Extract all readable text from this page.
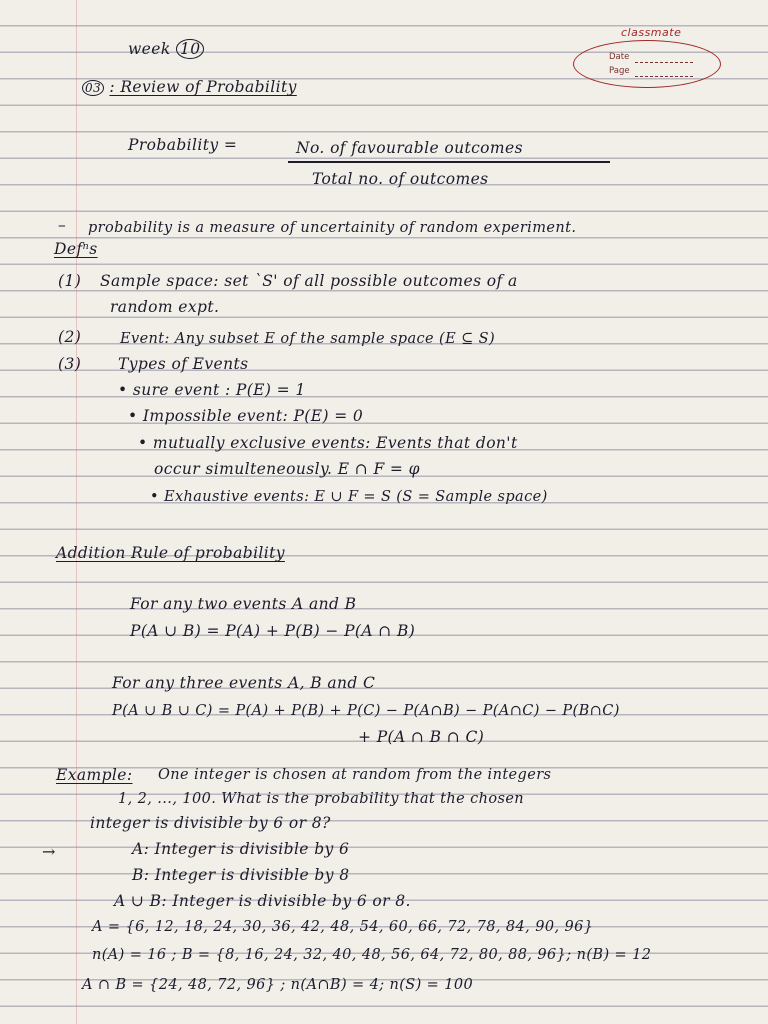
classmate
Date
Page
week 10
03 : Review of Probability
Probability =	No. of favourable outcomes
Total no. of outcomes
– probability is a measure of uncertainity of random experiment.
Defⁿs
(1) Sample space: set `S' of all possible outcomes of a
random expt.
(2)	Event: Any subset E of the sample space (E ⊆ S)
(3) Types of Events
• sure event : P(E) = 1
• Impossible event: P(E) = 0
• mutually exclusive events: Events that don't
occur simulteneously. E ∩ F = φ
• Exhaustive events: E ∪ F = S (S = Sample space)
Addition Rule of probability
For any two events A and B
P(A ∪ B) = P(A) + P(B) − P(A ∩ B)
For any three events A, B and C
P(A ∪ B ∪ C) = P(A) + P(B) + P(C) − P(A∩B) − P(A∩C) − P(B∩C)
+ P(A ∩ B ∩ C)
Example: One integer is chosen at random from the integers
1, 2, ..., 100. What is the probability that the chosen
integer is divisible by 6 or 8?
→	A: Integer is divisible by 6
B: Integer is divisible by 8
A ∪ B: Integer is divisible by 6 or 8.
A = {6, 12, 18, 24, 30, 36, 42, 48, 54, 60, 66, 72, 78, 84, 90, 96}
n(A) = 16 ; B = {8, 16, 24, 32, 40, 48, 56, 64, 72, 80, 88, 96}; n(B) = 12
A ∩ B = {24, 48, 72, 96} ; n(A∩B) = 4; n(S) = 100
